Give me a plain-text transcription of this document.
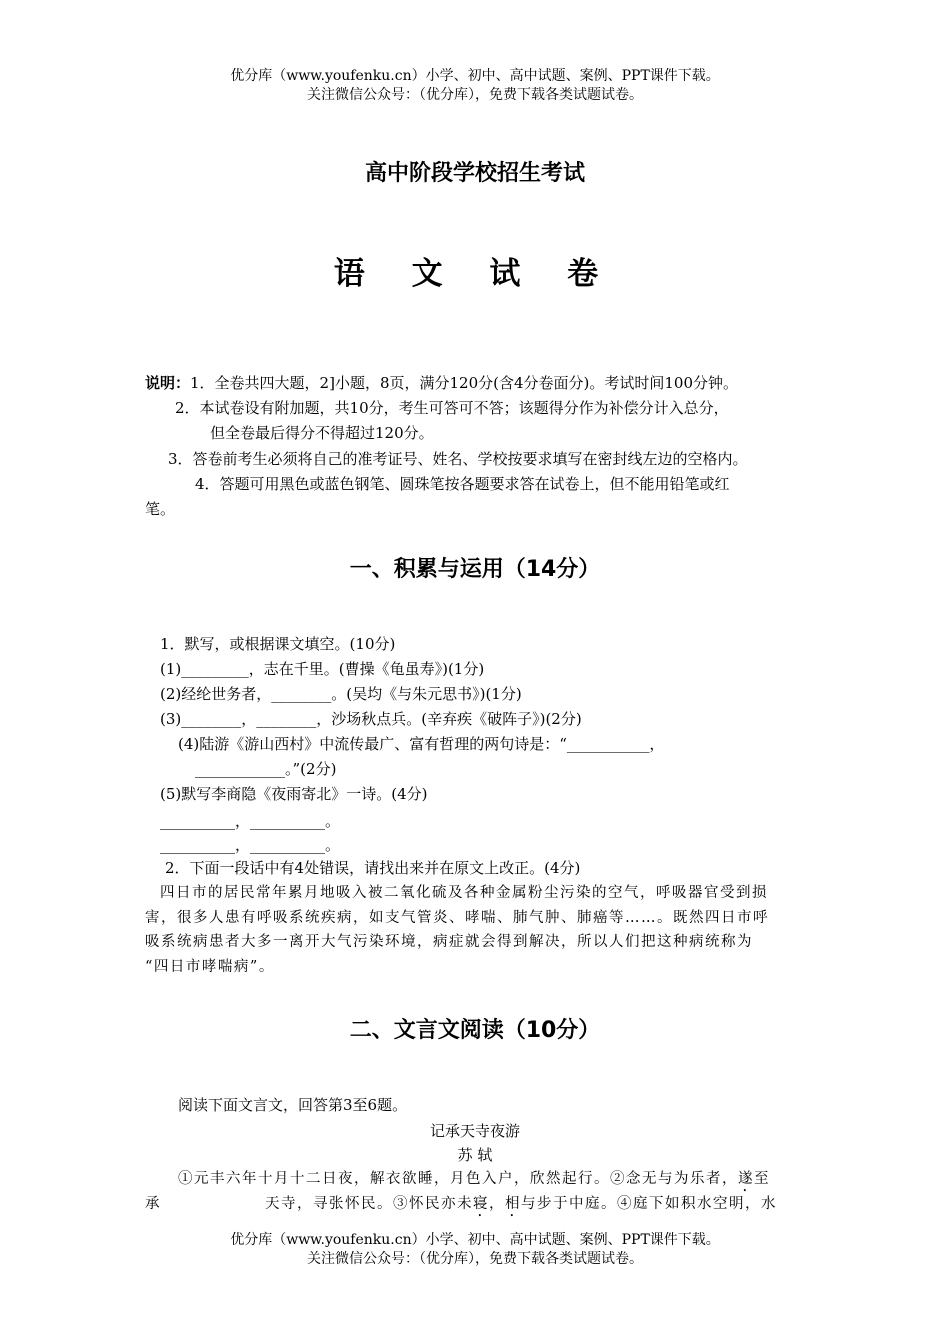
优分库（www.youfenku.cn）小学、初中、高中试题、案例、PPT课件下载。
关注微信公众号：（优分库），免费下载各类试题试卷。
高中阶段学校招生考试
语 文 试 卷
说明：1．全卷共四大题，2]小题，8页，满分120分(含4分卷面分)。考试时间100分钟。
2．本试卷设有附加题，共10分，考生可答可不答；该题得分作为补偿分计入总分，
但全卷最后得分不得超过120分。
3．答卷前考生必须将自己的准考证号、姓名、学校按要求填写在密封线左边的空格内。
4．答题可用黑色或蓝色钢笔、圆珠笔按各题要求答在试卷上，但不能用铅笔或红
笔。
一、积累与运用（14分）
1．默写，或根据课文填空。(10分)
(1)_________，志在千里。(曹操《龟虽寿》)(1分)
(2)经纶世务者，________。(吴均《与朱元思书》)(1分)
(3)________，________，沙场秋点兵。(辛弃疾《破阵子》)(2分)
(4)陆游《游山西村》中流传最广、富有哲理的两句诗是：“___________，
____________。”(2分)
(5)默写李商隐《夜雨寄北》一诗。(4分)
__________，__________。
__________，__________。
2．下面一段话中有4处错误，请找出来并在原文上改正。(4分)
四日市的居民常年累月地吸入被二氧化硫及各种金属粉尘污染的空气，呼吸器官受到损
害，很多人患有呼吸系统疾病，如支气管炎、哮喘、肺气肿、肺癌等……。既然四日市呼
吸系统病患者大多一离开大气污染环境，病症就会得到解决，所以人们把这种病统称为
“四日市哮喘病”。
二、文言文阅读（10分）
阅读下面文言文，回答第3至6题。
记承天寺夜游
苏 轼
①元丰六年十月十二日夜，解衣欲睡，月色入户，欣然起行。②念无与为乐者，遂至
承	天寺，寻张怀民。③怀民亦未寝，相与步于中庭。④庭下如积水空明，水
优分库（www.youfenku.cn）小学、初中、高中试题、案例、PPT课件下载。
关注微信公众号：（优分库），免费下载各类试题试卷。
